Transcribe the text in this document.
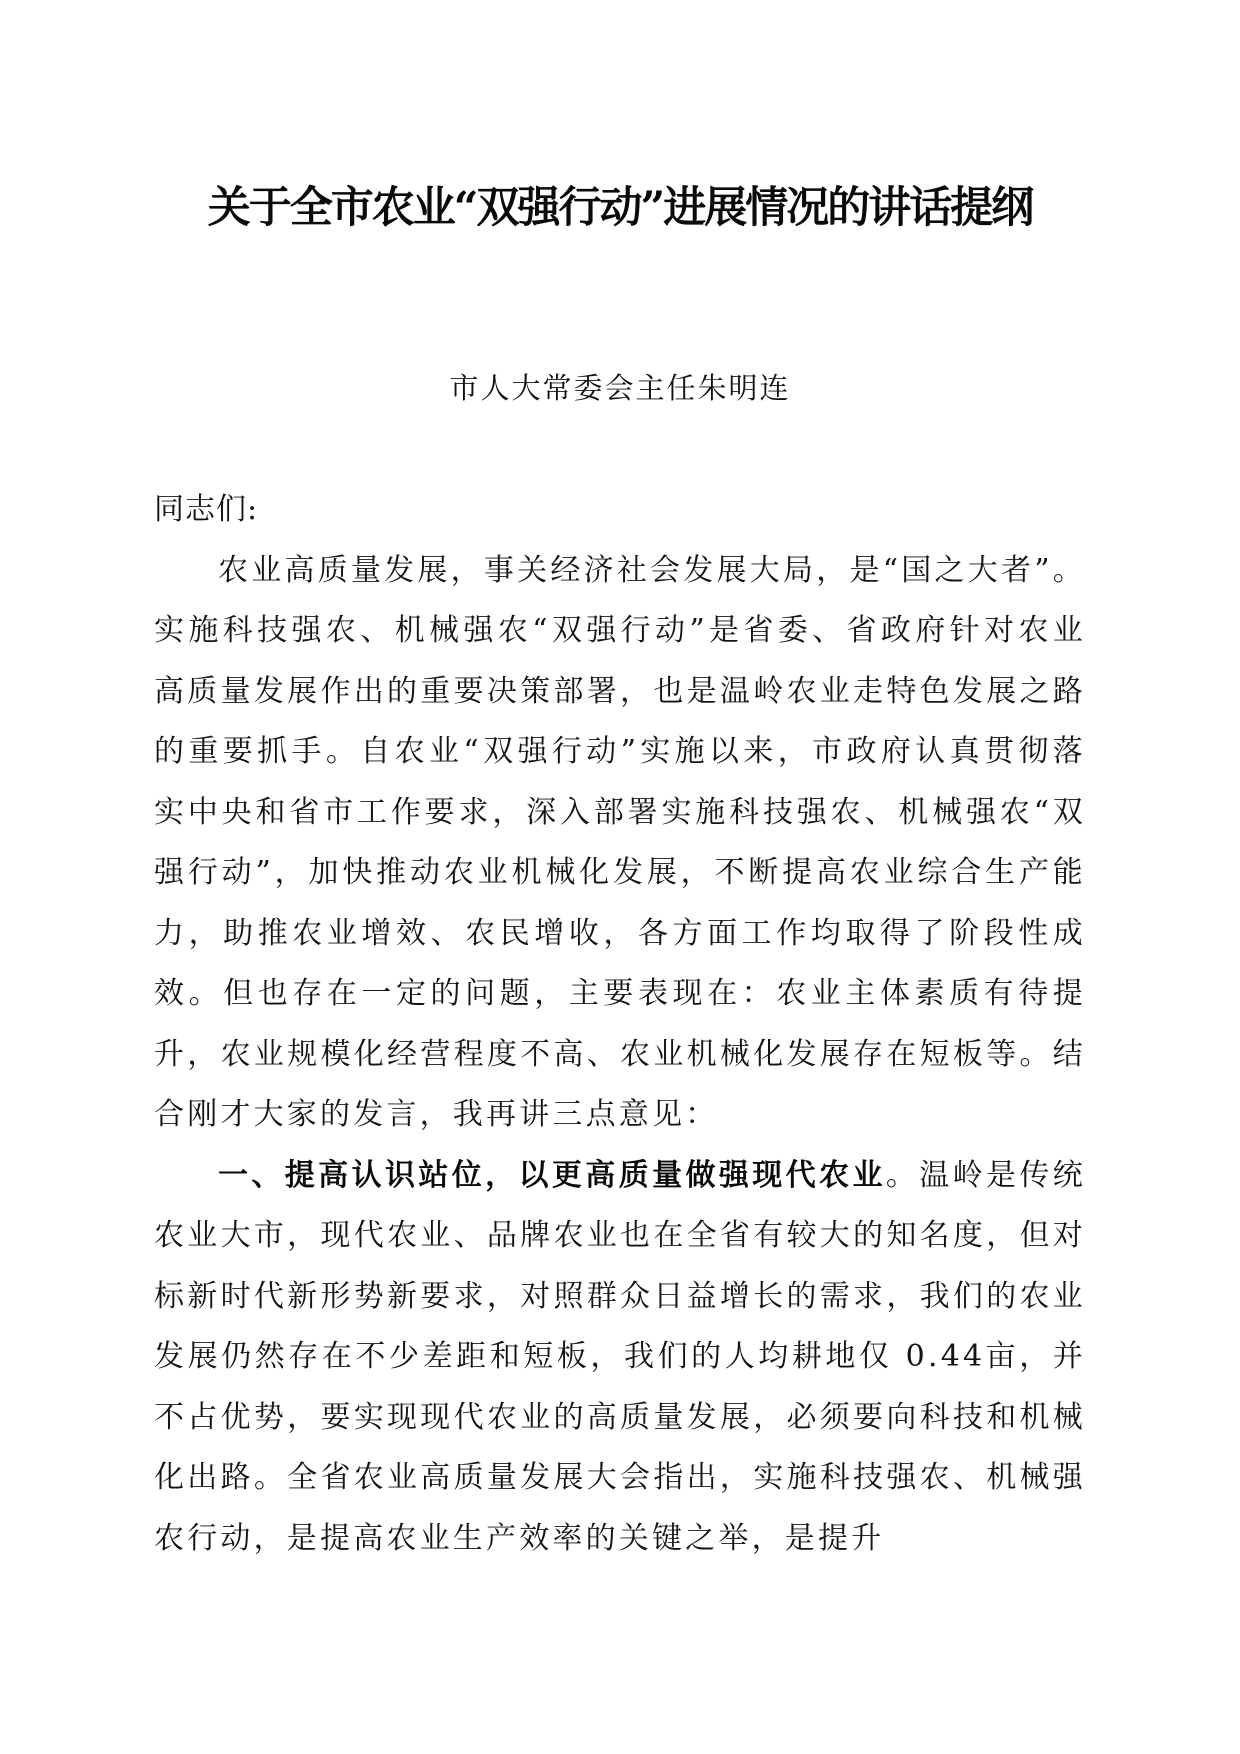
关于全市农业“双强行动”进展情况的讲话提纲
市人大常委会主任朱明连

同志们:

农业高质量发展，事关经济社会发展大局，是“国之大者”。实施科技强农、机械强农“双强行动”是省委、省政府针对农业高质量发展作出的重要决策部署，也是温岭农业走特色发展之路的重要抓手。自农业“双强行动”实施以来，市政府认真贯彻落实中央和省市工作要求，深入部署实施科技强农、机械强农“双强行动”，加快推动农业机械化发展，不断提高农业综合生产能力，助推农业增效、农民增收，各方面工作均取得了阶段性成效。但也存在一定的问题，主要表现在：农业主体素质有待提升，农业规模化经营程度不高、农业机械化发展存在短板等。结合刚才大家的发言，我再讲三点意见：

一、提高认识站位，以更高质量做强现代农业。温岭是传统农业大市，现代农业、品牌农业也在全省有较大的知名度，但对标新时代新形势新要求，对照群众日益增长的需求，我们的农业发展仍然存在不少差距和短板，我们的人均耕地仅 0.44亩，并不占优势，要实现现代农业的高质量发展，必须要向科技和机械化出路。全省农业高质量发展大会指出，实施科技强农、机械强农行动，是提高农业生产效率的关键之举，是提升
